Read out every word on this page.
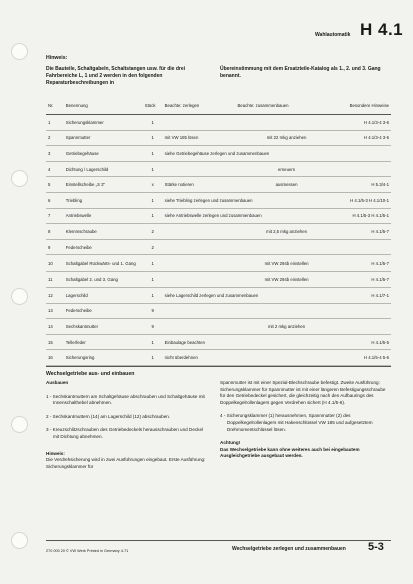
Wahlautomatik H 4.1
Hinweis:
Die Bauteile, Schaltgabeln, Schaltstangen usw. für die drei Fahrbereiche L, 1 und 2 werden in den folgenden Reparaturbeschreibungen in
Übereinstimmung mit dem Ersatzteile-Katalog als 1., 2. und 3. Gang benannt.
Nr.	Benennung	Stück	Beachte: zerlegen	Beachte: zusammenbauen	Besondere Hinweise
1	Sicherungsklammer	1			H 4.1/3-4 3-6
2	Spannmutter	1	mit VW 185 lösen	mit 22 mkg anziehen	H 4.1/3-4 3-6
3	Getriebegehäuse	1	siehe Getriebegehäuse zerlegen und zusammenbauen		
4	Dichtung / Lagerschild	1		erneuern	
5	Einstellscheibe „S 3"	x	Stärke notieren	ausmessen	H 5.3/4-1
6	Triebling	1	siehe Triebling zerlegen und zusammenbauen		H 4.1/5-3 H 4.1/10-1
7	Antriebswelle	1	siehe Antriebswelle zerlegen und zusammenbauen		H 4.1/5-3 H 4.1/5-1
8	Klemmschraube	2		mit 2,5 mkg anziehen	H 4.1/5-7
9	Federscheibe	2			
10	Schaltgabel Rückwärts- und 1. Gang	1		mit VW 294b einstellen	H 4.1/5-7
11	Schaltgabel 2. und 3. Gang	1		mit VW 294b einstellen	H 4.1/5-7
12	Lagerschild	1	siehe Lagerschild zerlegen und zusammenbauen		H 4.1/7-1
13	Federscheibe	9			
14	Sechskantmutter	9		mit 2 mkg anziehen	
15	Tellerfeder	1	Einbaulage beachten		H 4.1/5-5
16	Sicherungsring	1	nicht überdehnen		H 4.1/5-4 5-6
Wechselgetriebe aus- und einbauen
Ausbauen
1 - Sechskantmuttern am Schaltgehäuse abschrauben und Schaltgehäuse mit Innenschalthebel abnehmen.
2 - Sechskantmuttern (14) am Lagerschild (12) abschrauben.
3 - Kreuzschlitzschrauben des Getriebedeckels herausschrauben und Deckel mit Dichtung abnehmen.
Hinweis:
Die Verdrehsicherung wird in zwei Ausführungen eingebaut. Erste Ausführung: Sicherungsklammer für
Spannmutter ist mit einer Spezial-Blechschraube befestigt. Zweite Ausführung: Sicherungsklammer für Spannmutter ist mit einer längeren Befestigungsschraube für den Getriebedeckel gesichert, die gleichzeitig nach den Aufbaurings des Doppelkegelrollenlagers gegen Verdrehen sichert (H 4.1/5-6).
4 - Sicherungsklammer (1) herausnehmen, Spannmutter (2) des Doppelkegelrollenlagers mit Hakenschlüssel VW 185 und aufgesetztem Drehmomentschlüssel lösen.
Achtung!
Das Wechselgetriebe kann ohne weiteres auch bei eingebautem Ausgleichgetriebe ausgebaut werden.
270 000 20 © VW Werk Printed in Germany 4-71	Wechselgetriebe zerlegen und zusammenbauen 5-3
